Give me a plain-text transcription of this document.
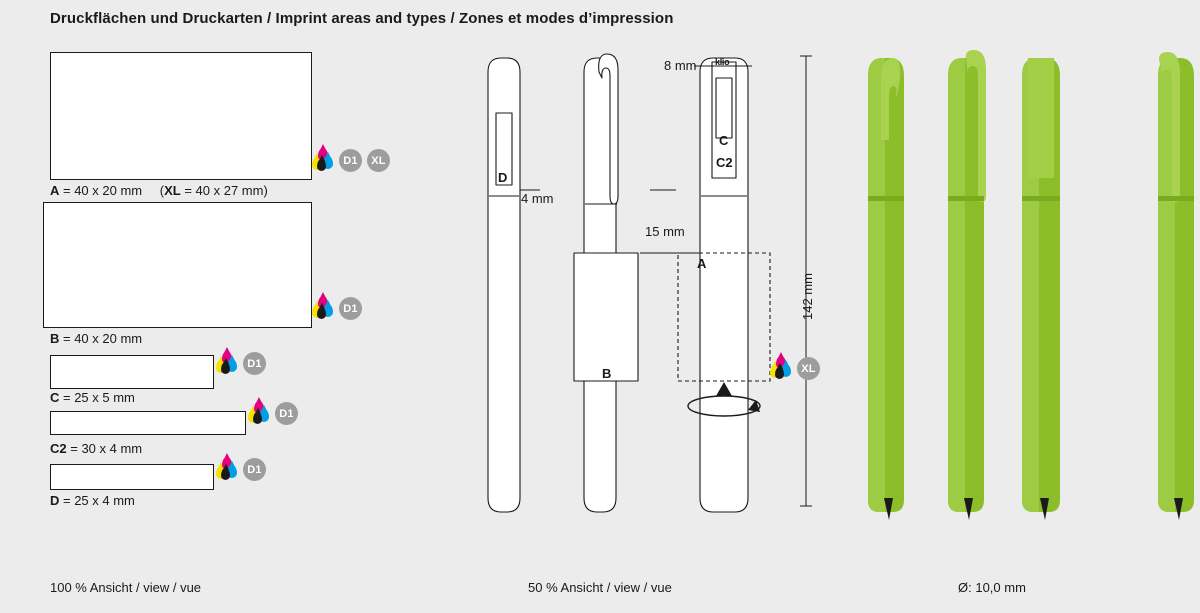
Druckflächen und Druckarten / Imprint areas and types / Zones et modes d’impression
D1	XL
A = 40 x 20 mm (XL = 40 x 27 mm)
D1
B = 40 x 20 mm
D1
C = 25 x 5 mm
D1
C2 = 30 x 4 mm
D1
D = 25 x 4 mm
D
B
C
C2
A
klio
8 mm
4 mm
15 mm
142 mm
XL
100 % Ansicht / view / vue	50 % Ansicht / view / vue	Ø: 10,0 mm
